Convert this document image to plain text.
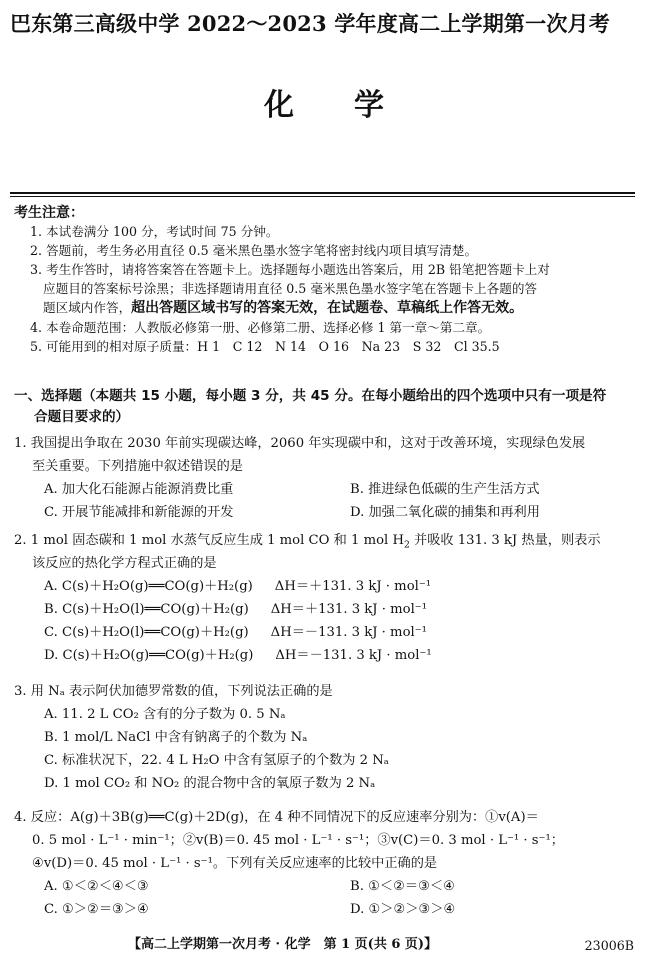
巴东第三高级中学 2022～2023 学年度高二上学期第一次月考
化学
考生注意：
1. 本试卷满分 100 分，考试时间 75 分钟。
2. 答题前，考生务必用直径 0.5 毫米黑色墨水签字笔将密封线内项目填写清楚。
3. 考生作答时，请将答案答在答题卡上。选择题每小题选出答案后，用 2B 铅笔把答题卡上对
应题目的答案标号涂黑；非选择题请用直径 0.5 毫米黑色墨水签字笔在答题卡上各题的答
题区域内作答，超出答题区域书写的答案无效，在试题卷、草稿纸上作答无效。
4. 本卷命题范围：人教版必修第一册、必修第二册、选择必修 1 第一章～第二章。
5. 可能用到的相对原子质量：H 1　C 12　N 14　O 16　Na 23　S 32　Cl 35.5
一、选择题（本题共 15 小题，每小题 3 分，共 45 分。在每小题给出的四个选项中只有一项是符
合题目要求的）
1. 我国提出争取在 2030 年前实现碳达峰，2060 年实现碳中和，这对于改善环境，实现绿色发展
至关重要。下列措施中叙述错误的是
A. 加大化石能源占能源消费比重	B. 推进绿色低碳的生产生活方式
C. 开展节能减排和新能源的开发	D. 加强二氧化碳的捕集和再利用
2. 1 mol 固态碳和 1 mol 水蒸气反应生成 1 mol CO 和 1 mol $H_2$ 并吸收 131. 3 kJ 热量，则表示
该反应的热化学方程式正确的是
A. C(s)＋H₂O(g)══CO(g)＋H₂(g) ΔH＝＋131. 3 kJ · mol⁻¹
B. C(s)＋H₂O(l)══CO(g)＋H₂(g) ΔH＝＋131. 3 kJ · mol⁻¹
C. C(s)＋H₂O(l)══CO(g)＋H₂(g) ΔH＝－131. 3 kJ · mol⁻¹
D. C(s)＋H₂O(g)══CO(g)＋H₂(g) ΔH＝－131. 3 kJ · mol⁻¹
3. 用 Nₐ 表示阿伏加德罗常数的值，下列说法正确的是
A. 11. 2 L CO₂ 含有的分子数为 0. 5 Nₐ
B. 1 mol/L NaCl 中含有钠离子的个数为 Nₐ
C. 标准状况下，22. 4 L H₂O 中含有氢原子的个数为 2 Nₐ
D. 1 mol CO₂ 和 NO₂ 的混合物中含的氧原子数为 2 Nₐ
4. 反应：A(g)＋3B(g)══C(g)＋2D(g)，在 4 种不同情况下的反应速率分别为：①v(A)＝
0. 5 mol · L⁻¹ · min⁻¹；②v(B)＝0. 45 mol · L⁻¹ · s⁻¹；③v(C)＝0. 3 mol · L⁻¹ · s⁻¹；
④v(D)＝0. 45 mol · L⁻¹ · s⁻¹。下列有关反应速率的比较中正确的是
A. ①＜②＜④＜③	B. ①＜②＝③＜④
C. ①＞②＝③＞④	D. ①＞②＞③＞④
【高二上学期第一次月考 · 化学　第 1 页(共 6 页)】	23006B
